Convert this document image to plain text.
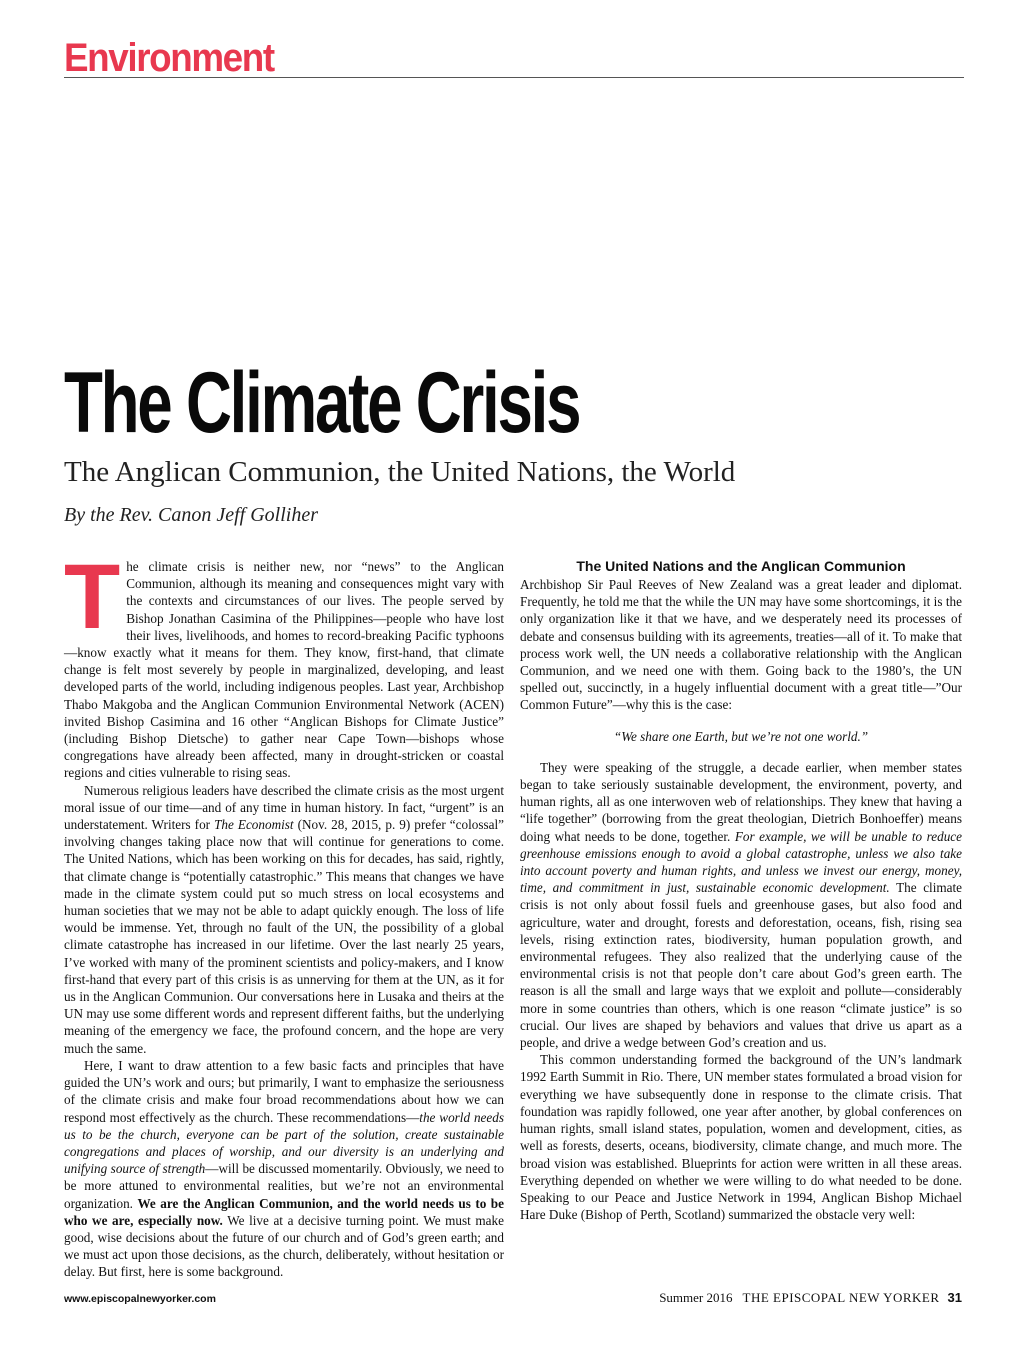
Environment
The Climate Crisis
The Anglican Communion, the United Nations, the World
By the Rev. Canon Jeff Golliher

The climate crisis is neither new, nor “news” to the Anglican Communion, although its meaning and consequences might vary with the contexts and circumstances of our lives. The people served by Bishop Jonathan Casimina of the Philippines—people who have lost their lives, livelihoods, and homes to record-breaking Pacific typhoons—know exactly what it means for them. They know, first-hand, that climate change is felt most severely by people in marginalized, developing, and least developed parts of the world, including indigenous peoples. Last year, Archbishop Thabo Makgoba and the Anglican Communion Environmental Network (ACEN) invited Bishop Casimina and 16 other “Anglican Bishops for Climate Justice” (including Bishop Dietsche) to gather near Cape Town—bishops whose congregations have already been affected, many in drought-stricken or coastal regions and cities vulnerable to rising seas.

Numerous religious leaders have described the climate crisis as the most urgent moral issue of our time—and of any time in human history. In fact, “urgent” is an understatement. Writers for The Economist (Nov. 28, 2015, p. 9) prefer “colossal” involving changes taking place now that will continue for generations to come. The United Nations, which has been working on this for decades, has said, rightly, that climate change is “potentially catastrophic.” This means that changes we have made in the climate system could put so much stress on local ecosystems and human societies that we may not be able to adapt quickly enough. The loss of life would be immense. Yet, through no fault of the UN, the possibility of a global climate catastrophe has increased in our lifetime. Over the last nearly 25 years, I’ve worked with many of the prominent scientists and policy-makers, and I know first-hand that every part of this crisis is as unnerving for them at the UN, as it for us in the Anglican Communion. Our conversations here in Lusaka and theirs at the UN may use some different words and represent different faiths, but the underlying meaning of the emergency we face, the profound concern, and the hope are very much the same.

Here, I want to draw attention to a few basic facts and principles that have guided the UN’s work and ours; but primarily, I want to emphasize the seriousness of the climate crisis and make four broad recommendations about how we can respond most effectively as the church. These recommendations—the world needs us to be the church, everyone can be part of the solution, create sustainable congregations and places of worship, and our diversity is an underlying and unifying source of strength—will be discussed momentarily. Obviously, we need to be more attuned to environmental realities, but we’re not an environmental organization. We are the Anglican Communion, and the world needs us to be who we are, especially now. We live at a decisive turning point. We must make good, wise decisions about the future of our church and of God’s green earth; and we must act upon those decisions, as the church, deliberately, without hesitation or delay. But first, here is some background.

The United Nations and the Anglican Communion

Archbishop Sir Paul Reeves of New Zealand was a great leader and diplomat. Frequently, he told me that the while the UN may have some shortcomings, it is the only organization like it that we have, and we desperately need its processes of debate and consensus building with its agreements, treaties—all of it. To make that process work well, the UN needs a collaborative relationship with the Anglican Communion, and we need one with them. Going back to the 1980’s, the UN spelled out, succinctly, in a hugely influential document with a great title—”Our Common Future”—why this is the case:

“We share one Earth, but we’re not one world.”

They were speaking of the struggle, a decade earlier, when member states began to take seriously sustainable development, the environment, poverty, and human rights, all as one interwoven web of relationships. They knew that having a “life together” (borrowing from the great theologian, Dietrich Bonhoeffer) means doing what needs to be done, together. For example, we will be unable to reduce greenhouse emissions enough to avoid a global catastrophe, unless we also take into account poverty and human rights, and unless we invest our energy, money, time, and commitment in just, sustainable economic development. The climate crisis is not only about fossil fuels and greenhouse gases, but also food and agriculture, water and drought, forests and deforestation, oceans, fish, rising sea levels, rising extinction rates, biodiversity, human population growth, and environmental refugees. They also realized that the underlying cause of the environmental crisis is not that people don’t care about God’s green earth. The reason is all the small and large ways that we exploit and pollute—considerably more in some countries than others, which is one reason “climate justice” is so crucial. Our lives are shaped by behaviors and values that drive us apart as a people, and drive a wedge between God’s creation and us.

This common understanding formed the background of the UN’s landmark 1992 Earth Summit in Rio. There, UN member states formulated a broad vision for everything we have subsequently done in response to the climate crisis. That foundation was rapidly followed, one year after another, by global conferences on human rights, small island states, population, women and development, cities, as well as forests, deserts, oceans, biodiversity, climate change, and much more. The broad vision was established. Blueprints for action were written in all these areas. Everything depended on whether we were willing to do what needed to be done. Speaking to our Peace and Justice Network in 1994, Anglican Bishop Michael Hare Duke (Bishop of Perth, Scotland) summarized the obstacle very well:

www.episcopalnewyorker.com	Summer 2016 THE EPISCOPAL NEW YORKER 31
